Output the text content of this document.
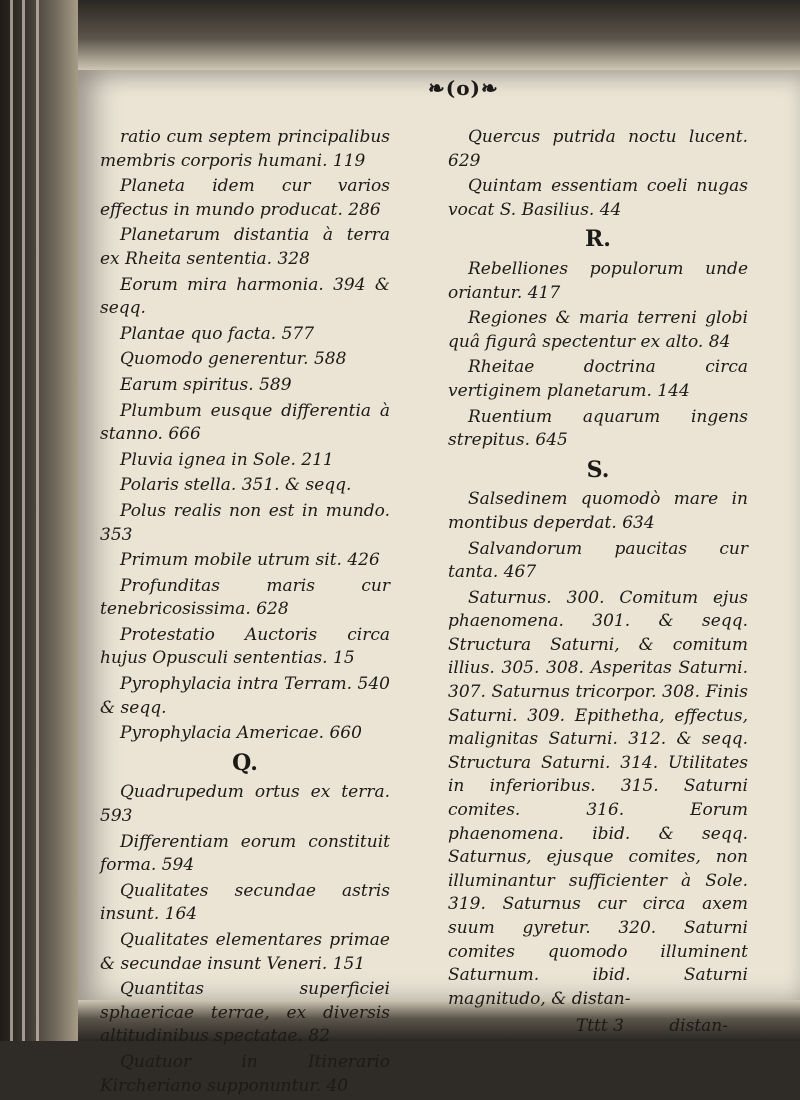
❧(o)❧
ratio cum septem principalibus membris corporis humani. 119
Planeta idem cur varios effectus in mundo producat. 286
Planetarum distantia à terra ex Rheita sententia. 328
Eorum mira harmonia. 394 & seqq.
Plantae quo facta. 577
Quomodo generentur. 588
Earum spiritus. 589
Plumbum eusque differentia à stanno. 666
Pluvia ignea in Sole. 211
Polaris stella. 351. & seqq.
Polus realis non est in mundo. 353
Primum mobile utrum sit. 426
Profunditas maris cur tenebricosissima. 628
Protestatio Auctoris circa hujus Opusculi sententias. 15
Pyrophylacia intra Terram. 540 & seqq.
Pyrophylacia Americae. 660
Q.
Quadrupedum ortus ex terra. 593
Differentiam eorum constituit forma. 594
Qualitates secundae astris insunt. 164
Qualitates elementares primae & secundae insunt Veneri. 151
Quantitas superficiei sphaericae terrae, ex diversis altitudinibus spectatae. 82
Quatuor in Itinerario Kircheriano supponuntur. 40
Quercus putrida noctu lucent. 629
Quintam essentiam coeli nugas vocat S. Basilius. 44
R.
Rebelliones populorum unde oriantur. 417
Regiones & maria terreni globi quâ figurâ spectentur ex alto. 84
Rheitae doctrina circa vertiginem planetarum. 144
Ruentium aquarum ingens strepitus. 645
S.
Salsedinem quomodò mare in montibus deperdat. 634
Salvandorum paucitas cur tanta. 467
Saturnus. 300. Comitum ejus phaenomena. 301. & seqq. Structura Saturni, & comitum illius. 305. 308. Asperitas Saturni. 307. Saturnus tricorpor. 308. Finis Saturni. 309. Epithetha, effectus, malignitas Saturni. 312. & seqq. Structura Saturni. 314. Utilitates in inferioribus. 315. Saturni comites. 316. Eorum phaenomena. ibid. & seqq. Saturnus, ejusque comites, non illuminantur sufficienter à Sole. 319. Saturnus cur circa axem suum gyretur. 320. Saturni comites quomodo illuminent Saturnum. ibid. Saturni magnitudo, & distan-
Tttt 3	distan-
